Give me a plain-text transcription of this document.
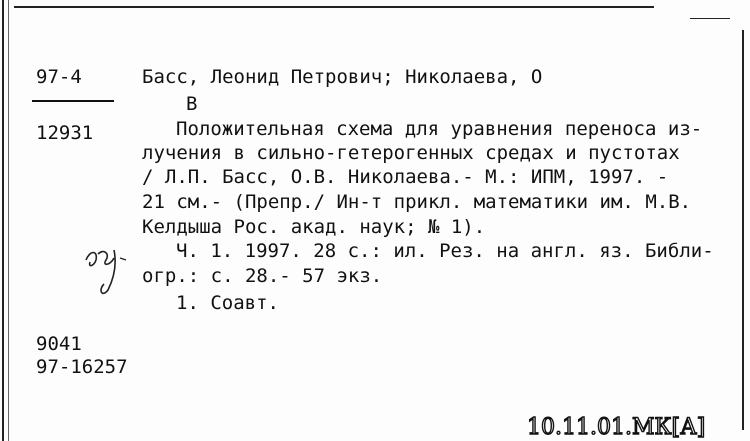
97-4
12931
9041
97-16257
Басс, Леонид Петрович; Николаева, О
В
Положительная схема для уравнения переноса из-
лучения в сильно-гетерогенных средах и пустотах
/ Л.П. Басс, О.В. Николаева.- М.: ИПМ, 1997. -
21 см.- (Препр./ Ин-т прикл. математики им. М.В.
Келдыша Рос. акад. наук; № 1).
Ч. 1. 1997. 28 с.: ил. Рез. на англ. яз. Библи-
огр.: с. 28.- 57 экз.
1. Соавт.
10.11.01.МК[А]
